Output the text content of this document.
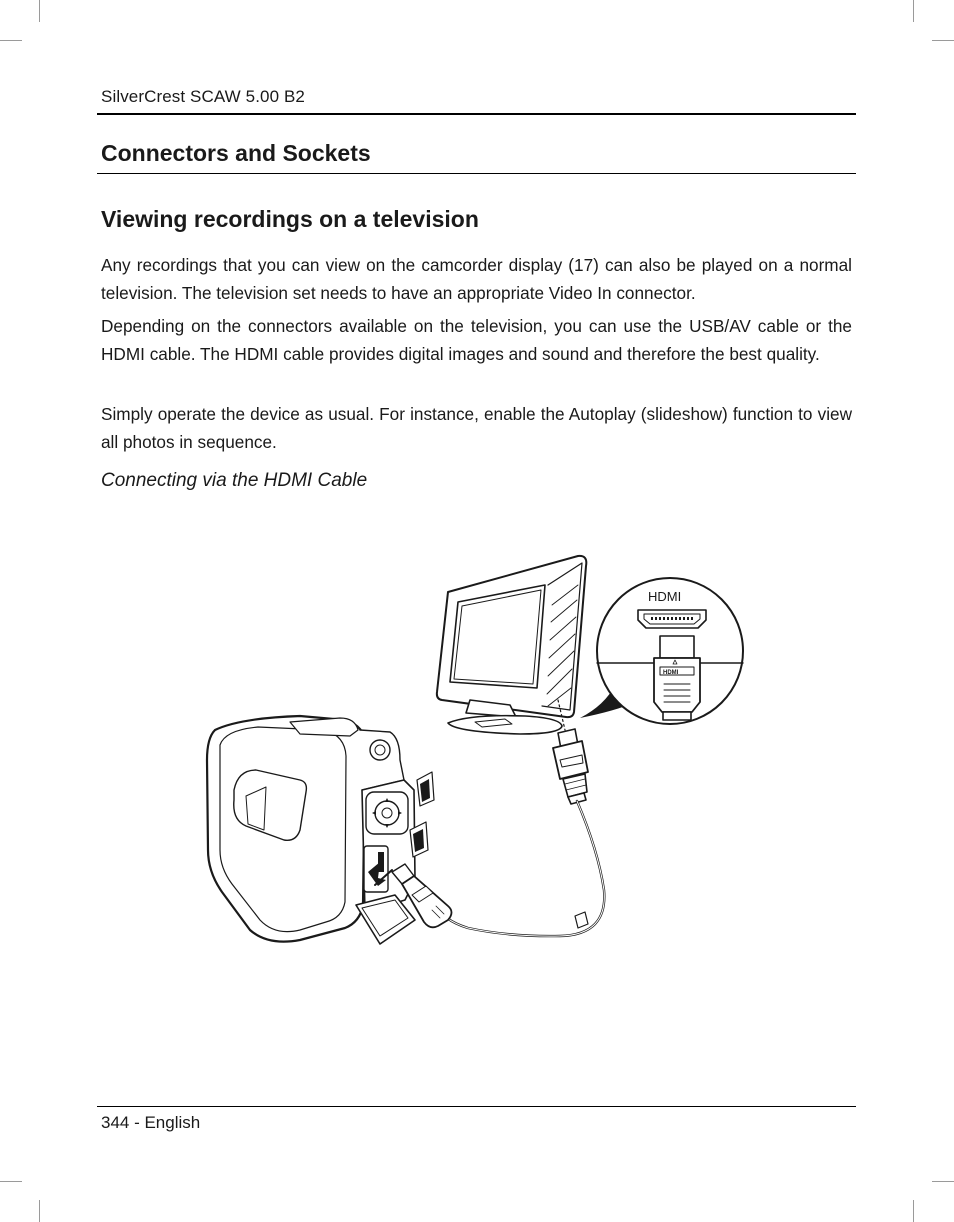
SilverCrest SCAW 5.00 B2
Connectors and Sockets
Viewing recordings on a television

Any recordings that you can view on the camcorder display (17) can also be played on a normal television. The television set needs to have an appropriate Video In connector.

Depending on the connectors available on the television, you can use the USB/AV cable or the HDMI cable. The HDMI cable provides digital images and sound and therefore the best quality.

Simply operate the device as usual. For instance, enable the Autoplay (slideshow) function to view all photos in sequence.

Connecting via the HDMI Cable

HDMI
HDMI
344 - English
